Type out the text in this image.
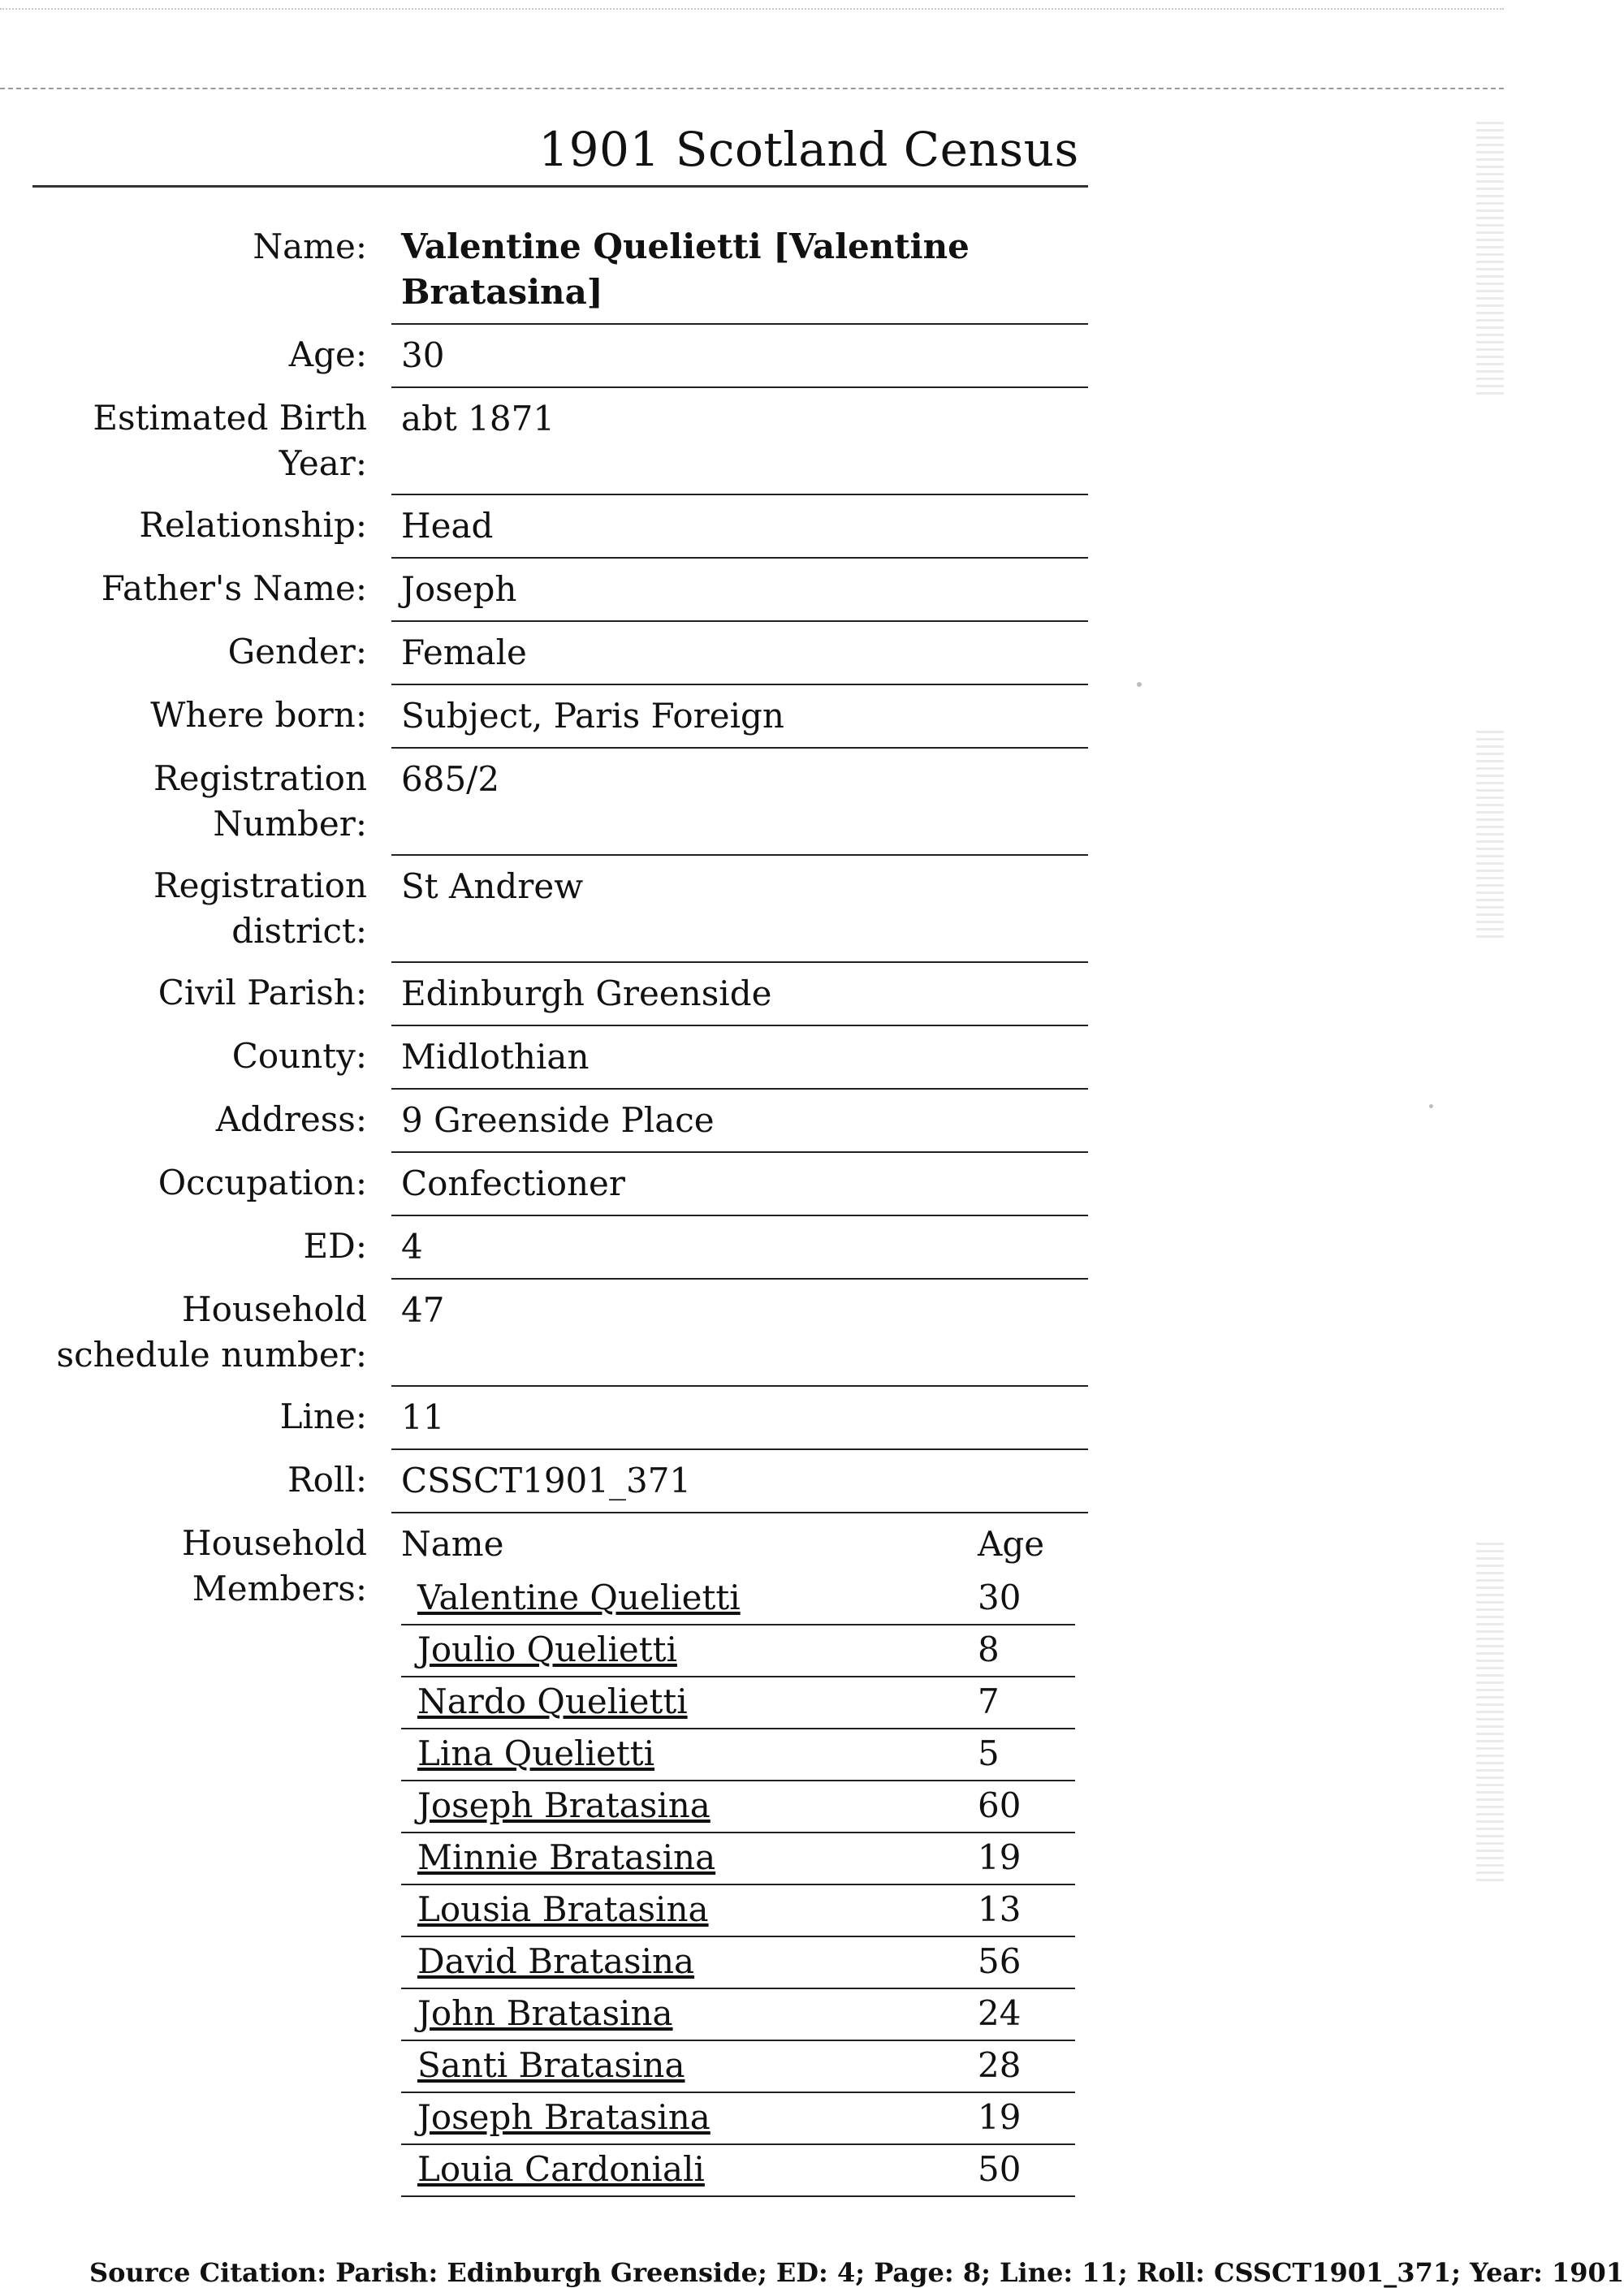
1901 Scotland Census
Name:	Valentine Quelietti [Valentine Bratasina]
Age:	30
Estimated Birth Year:	abt 1871
Relationship:	Head
Father's Name:	Joseph
Gender:	Female
Where born:	Subject, Paris Foreign
Registration Number:	685/2
Registration district:	St Andrew
Civil Parish:	Edinburgh Greenside
County:	Midlothian
Address:	9 Greenside Place
Occupation:	Confectioner
ED:	4
Household schedule number:	47
Line:	11
Roll:	CSSCT1901_371
Household Members:	
Name	Age
Valentine Quelietti	30
Joulio Quelietti	8
Nardo Quelietti	7
Lina Quelietti	5
Joseph Bratasina	60
Minnie Bratasina	19
Lousia Bratasina	13
David Bratasina	56
John Bratasina	24
Santi Bratasina	28
Joseph Bratasina	19
Louia Cardoniali	50
Source Citation: Parish: Edinburgh Greenside; ED: 4; Page: 8; Line: 11; Roll: CSSCT1901_371; Year: 1901
